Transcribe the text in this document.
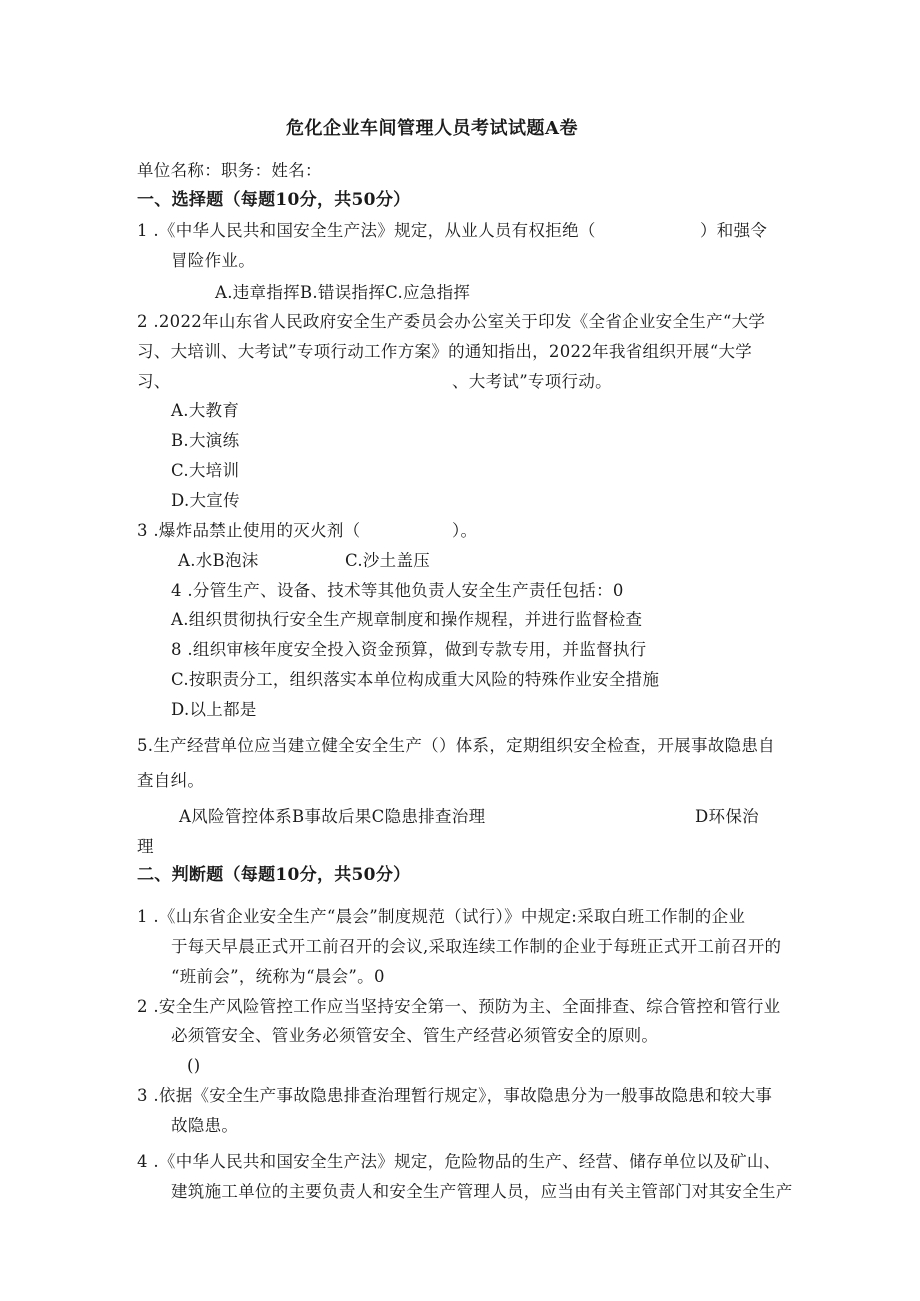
危化企业车间管理人员考试试题A卷
单位名称：职务：姓名：
一、选择题（每题10分，共50分）
1 .《中华人民共和国安全生产法》规定，从业人员有权拒绝（	）和强令
冒险作业。
A.违章指挥B.错误指挥C.应急指挥
2 .2022年山东省人民政府安全生产委员会办公室关于印发《全省企业安全生产“大学
习、大培训、大考试”专项行动工作方案》的通知指出，2022年我省组织开展“大学
习、	、大考试”专项行动。
A.大教育
B.大演练
C.大培训
D.大宣传
3 .爆炸品禁止使用的灭火剂（	）。
A.水B泡沫	C.沙土盖压
4 .分管生产、设备、技术等其他负责人安全生产责任包括：0
A.组织贯彻执行安全生产规章制度和操作规程，并进行监督检查
8 .组织审核年度安全投入资金预算，做到专款专用，并监督执行
C.按职责分工，组织落实本单位构成重大风险的特殊作业安全措施
D.以上都是
5.生产经营单位应当建立健全安全生产（）体系，定期组织安全检查，开展事故隐患自
查自纠。
A风险管控体系B事故后果C隐患排查治理	D环保治
理
二、判断题（每题10分，共50分）
1 .《山东省企业安全生产“晨会”制度规范（试行）》中规定:采取白班工作制的企业
于每天早晨正式开工前召开的会议,采取连续工作制的企业于每班正式开工前召开的
“班前会”，统称为“晨会”。0
2 .安全生产风险管控工作应当坚持安全第一、预防为主、全面排查、综合管控和管行业
必须管安全、管业务必须管安全、管生产经营必须管安全的原则。
()
3 .依据《安全生产事故隐患排查治理暂行规定》，事故隐患分为一般事故隐患和较大事
故隐患。
4 .《中华人民共和国安全生产法》规定，危险物品的生产、经营、储存单位以及矿山、
建筑施工单位的主要负责人和安全生产管理人员，应当由有关主管部门对其安全生产
